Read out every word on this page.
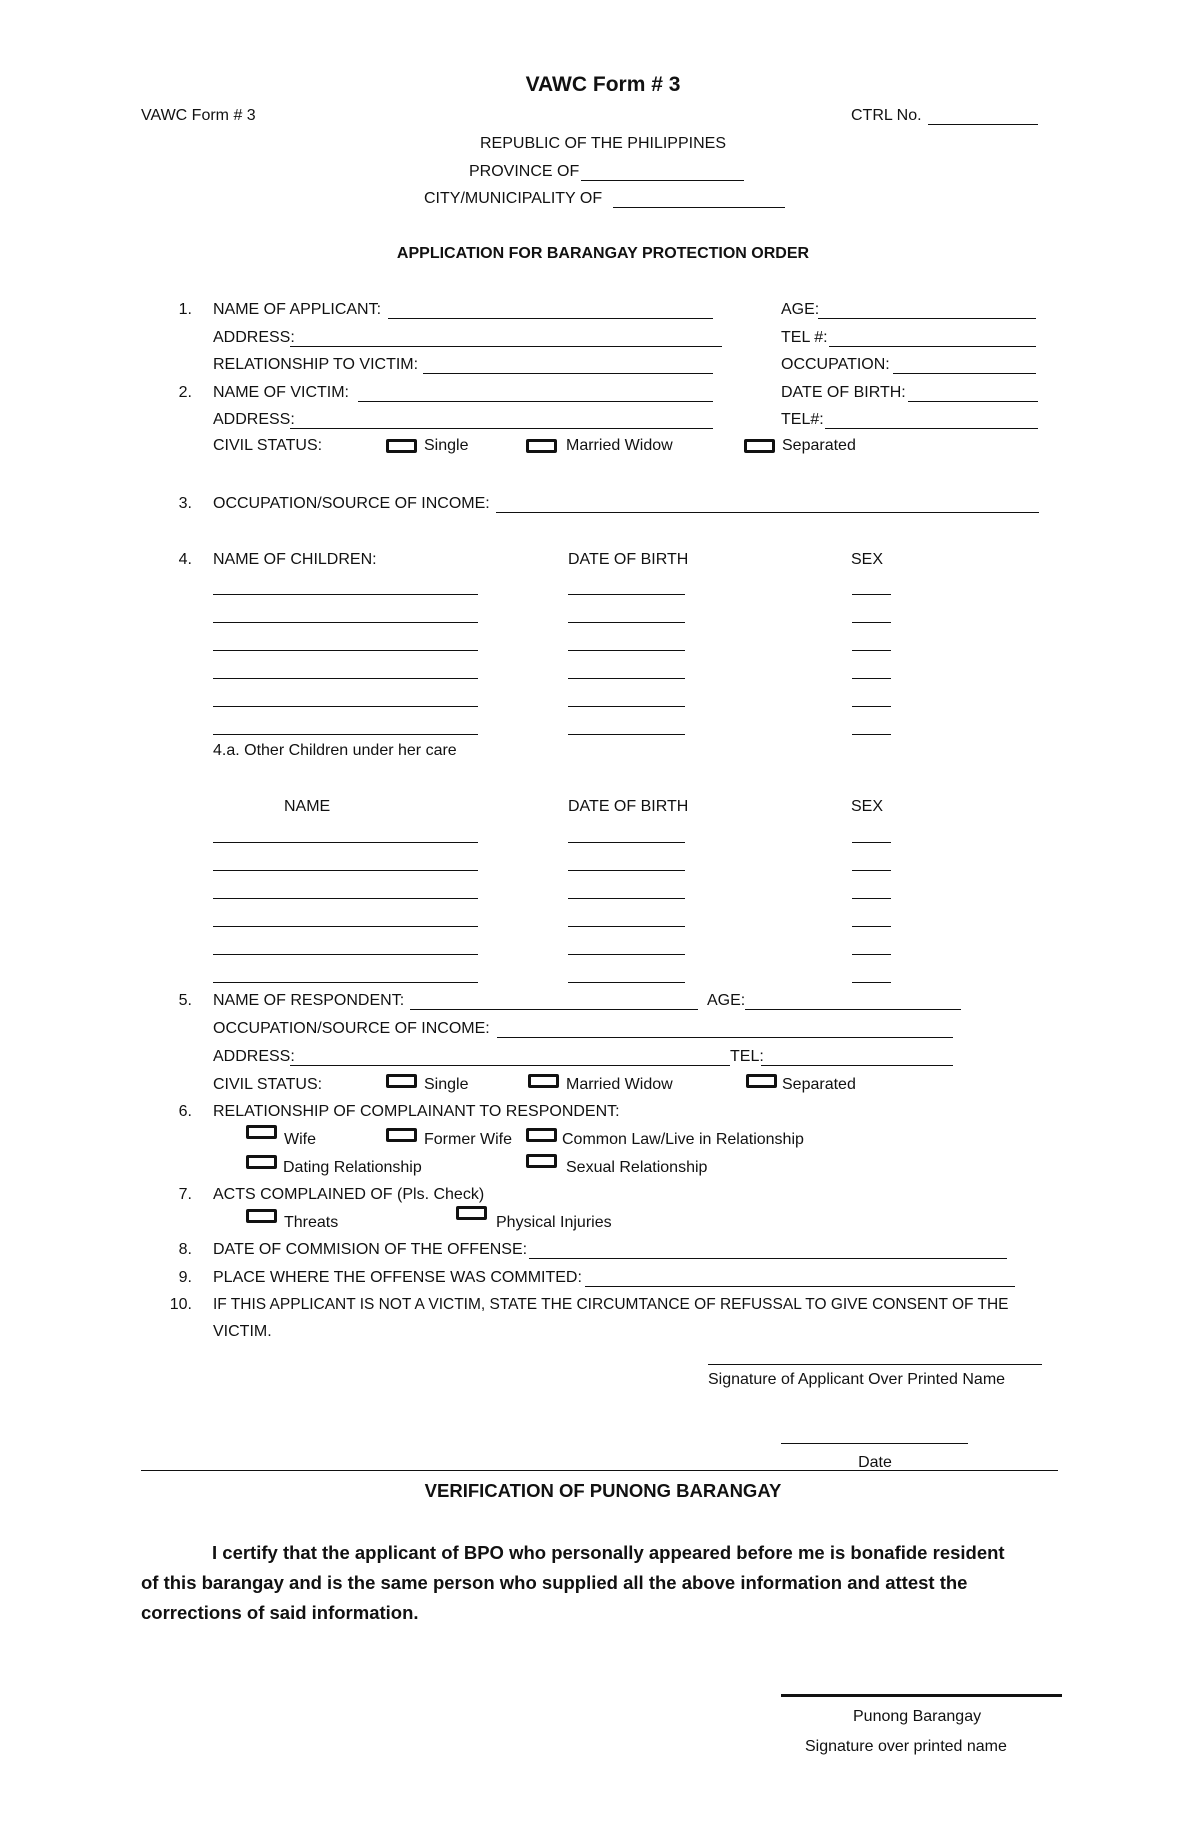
VAWC Form # 3
VAWC Form # 3	CTRL No.
REPUBLIC OF THE PHILIPPINES
PROVINCE OF
CITY/MUNICIPALITY OF
APPLICATION FOR BARANGAY PROTECTION ORDER
1. NAME OF APPLICANT:	AGE:
ADDRESS:	TEL #:
RELATIONSHIP TO VICTIM:	OCCUPATION:
2. NAME OF VICTIM:	DATE OF BIRTH:
ADDRESS:	TEL#:
CIVIL STATUS:	Single	Married Widow	Separated
3. OCCUPATION/SOURCE OF INCOME:
4. NAME OF CHILDREN:	DATE OF BIRTH	SEX
4.a. Other Children under her care
NAME	DATE OF BIRTH	SEX
5. NAME OF RESPONDENT:	AGE:
OCCUPATION/SOURCE OF INCOME:
ADDRESS:	TEL:
CIVIL STATUS:	Single	Married Widow	Separated
6. RELATIONSHIP OF COMPLAINANT TO RESPONDENT:
Wife	Former Wife	Common Law/Live in Relationship
Dating Relationship	Sexual Relationship
7. ACTS COMPLAINED OF (Pls. Check)
Threats	Physical Injuries
8. DATE OF COMMISION OF THE OFFENSE:
9. PLACE WHERE THE OFFENSE WAS COMMITED:
10. IF THIS APPLICANT IS NOT A VICTIM, STATE THE CIRCUMTANCE OF REFUSSAL TO GIVE CONSENT OF THE
VICTIM.
Signature of Applicant Over Printed Name
Date
VERIFICATION OF PUNONG BARANGAY
I certify that the applicant of BPO who personally appeared before me is bonafide resident
of this barangay and is the same person who supplied all the above information and attest the
corrections of said information.
Punong Barangay
Signature over printed name
